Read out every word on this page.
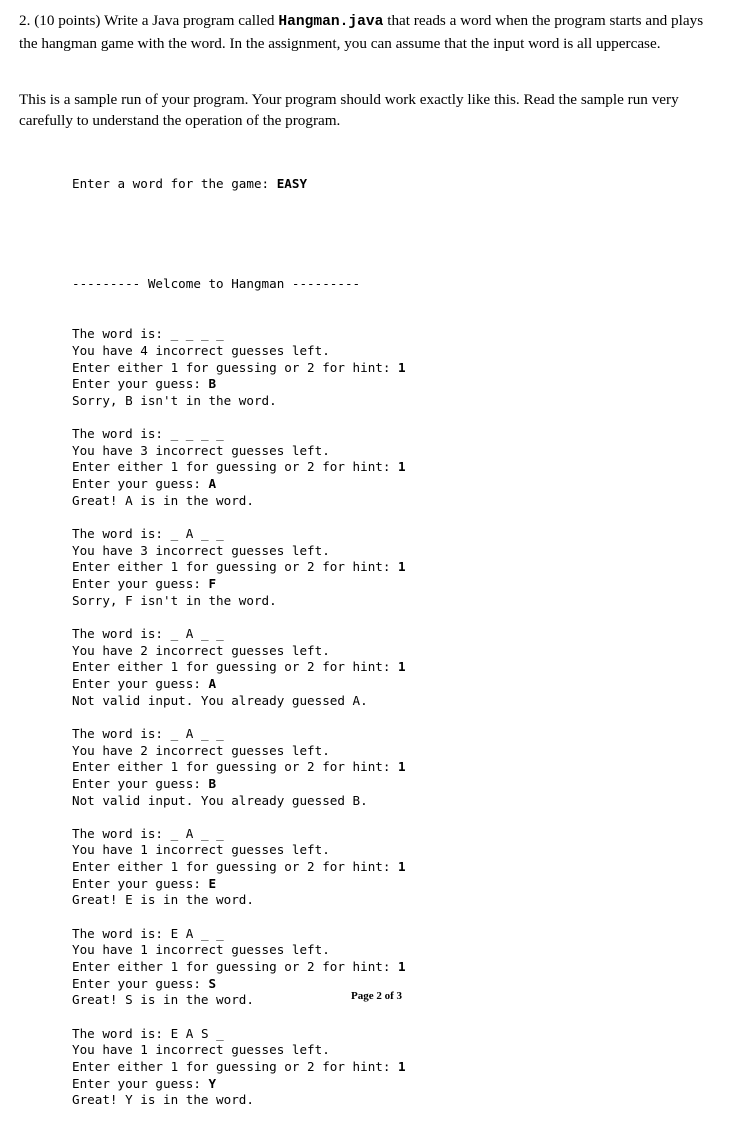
2. (10 points) Write a Java program called Hangman.java that reads a word when the program starts and plays the hangman game with the word. In the assignment, you can assume that the input word is all uppercase.

This is a sample run of your program. Your program should work exactly like this. Read the sample run very carefully to understand the operation of the program.

Enter a word for the game: EASY

--------- Welcome to Hangman ---------

The word is: _ _ _ _
You have 4 incorrect guesses left.
Enter either 1 for guessing or 2 for hint: 1
Enter your guess: B
Sorry, B isn't in the word.
The word is: _ _ _ _
You have 3 incorrect guesses left.
Enter either 1 for guessing or 2 for hint: 1
Enter your guess: A
Great! A is in the word.
The word is: _ A _ _
You have 3 incorrect guesses left.
Enter either 1 for guessing or 2 for hint: 1
Enter your guess: F
Sorry, F isn't in the word.
The word is: _ A _ _
You have 2 incorrect guesses left.
Enter either 1 for guessing or 2 for hint: 1
Enter your guess: A
Not valid input. You already guessed A.
The word is: _ A _ _
You have 2 incorrect guesses left.
Enter either 1 for guessing or 2 for hint: 1
Enter your guess: B
Not valid input. You already guessed B.
The word is: _ A _ _
You have 1 incorrect guesses left.
Enter either 1 for guessing or 2 for hint: 1
Enter your guess: E
Great! E is in the word.
The word is: E A _ _
You have 1 incorrect guesses left.
Enter either 1 for guessing or 2 for hint: 1
Enter your guess: S
Great! S is in the word.
The word is: E A S _
You have 1 incorrect guesses left.
Enter either 1 for guessing or 2 for hint: 1
Enter your guess: Y
Great! Y is in the word.

Page 2 of 3
